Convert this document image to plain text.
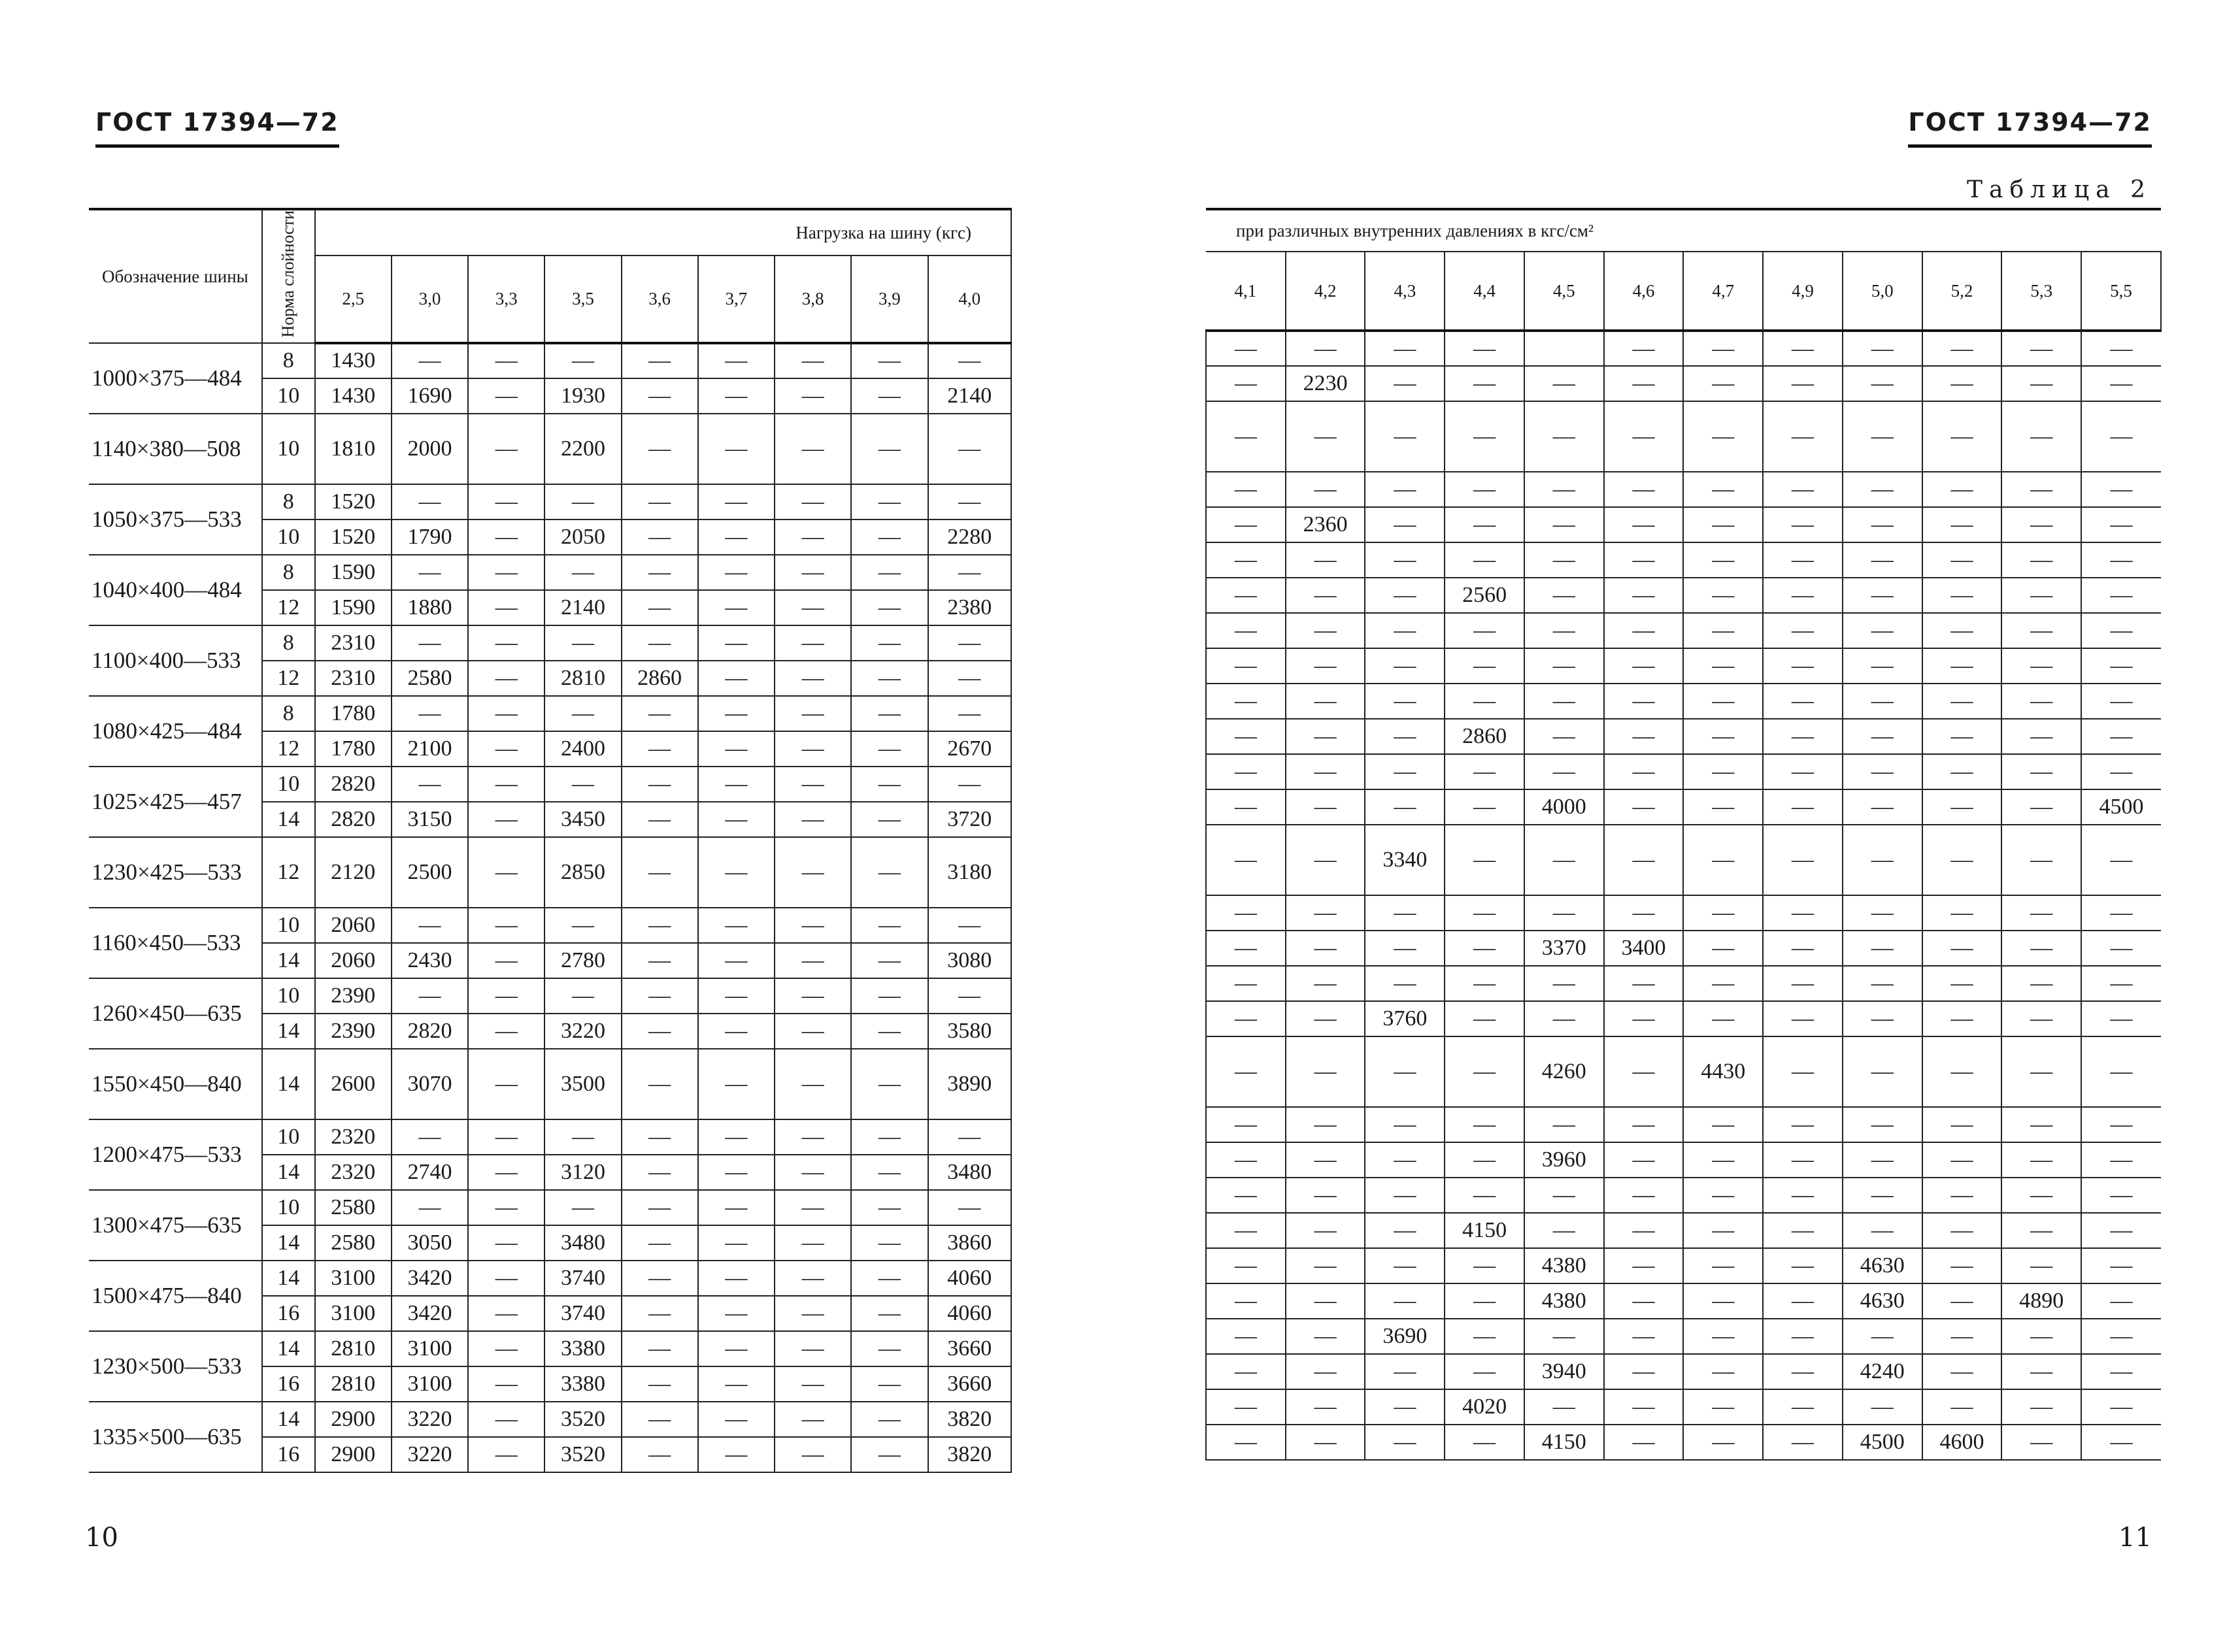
ГОСТ 17394—72
Обозначение шины	Норма слойности	Нагрузка на шину (кгс)								
		2,5	3,0	3,3	3,5	3,6	3,7	3,8	3,9	4,0
1000×375—484	8	1430	—	—	—	—	—	—	—	—
	10	1430	1690	—	1930	—	—	—	—	2140
1140×380—508	10	1810	2000	—	2200	—	—	—	—	—
1050×375—533	8	1520	—	—	—	—	—	—	—	—
	10	1520	1790	—	2050	—	—	—	—	2280
1040×400—484	8	1590	—	—	—	—	—	—	—	—
	12	1590	1880	—	2140	—	—	—	—	2380
1100×400—533	8	2310	—	—	—	—	—	—	—	—
	12	2310	2580	—	2810	2860	—	—	—	—
1080×425—484	8	1780	—	—	—	—	—	—	—	—
	12	1780	2100	—	2400	—	—	—	—	2670
1025×425—457	10	2820	—	—	—	—	—	—	—	—
	14	2820	3150	—	3450	—	—	—	—	3720
1230×425—533	12	2120	2500	—	2850	—	—	—	—	3180
1160×450—533	10	2060	—	—	—	—	—	—	—	—
	14	2060	2430	—	2780	—	—	—	—	3080
1260×450—635	10	2390	—	—	—	—	—	—	—	—
	14	2390	2820	—	3220	—	—	—	—	3580
1550×450—840	14	2600	3070	—	3500	—	—	—	—	3890
1200×475—533	10	2320	—	—	—	—	—	—	—	—
	14	2320	2740	—	3120	—	—	—	—	3480
1300×475—635	10	2580	—	—	—	—	—	—	—	—
	14	2580	3050	—	3480	—	—	—	—	3860
1500×475—840	14	3100	3420	—	3740	—	—	—	—	4060
	16	3100	3420	—	3740	—	—	—	—	4060
1230×500—533	14	2810	3100	—	3380	—	—	—	—	3660
	16	2810	3100	—	3380	—	—	—	—	3660
1335×500—635	14	2900	3220	—	3520	—	—	—	—	3820
	16	2900	3220	—	3520	—	—	—	—	3820
10
ГОСТ 17394—72
Таблица 2
при различных внутренних давлениях в кгс/см²											
4,1	4,2	4,3	4,4	4,5	4,6	4,7	4,9	5,0	5,2	5,3	5,5
—	—	—	—		—	—	—	—	—	—	—
—	2230	—	—	—	—	—	—	—	—	—	—
—	—	—	—	—	—	—	—	—	—	—	—
—	—	—	—	—	—	—	—	—	—	—	—
—	2360	—	—	—	—	—	—	—	—	—	—
—	—	—	—	—	—	—	—	—	—	—	—
—	—	—	2560	—	—	—	—	—	—	—	—
—	—	—	—	—	—	—	—	—	—	—	—
—	—	—	—	—	—	—	—	—	—	—	—
—	—	—	—	—	—	—	—	—	—	—	—
—	—	—	2860	—	—	—	—	—	—	—	—
—	—	—	—	—	—	—	—	—	—	—	—
—	—	—	—	4000	—	—	—	—	—	—	4500
—	—	3340	—	—	—	—	—	—	—	—	—
—	—	—	—	—	—	—	—	—	—	—	—
—	—	—	—	3370	3400	—	—	—	—	—	—
—	—	—	—	—	—	—	—	—	—	—	—
—	—	3760	—	—	—	—	—	—	—	—	—
—	—	—	—	4260	—	4430	—	—	—	—	—
—	—	—	—	—	—	—	—	—	—	—	—
—	—	—	—	3960	—	—	—	—	—	—	—
—	—	—	—	—	—	—	—	—	—	—	—
—	—	—	4150	—	—	—	—	—	—	—	—
—	—	—	—	4380	—	—	—	4630	—	—	—
—	—	—	—	4380	—	—	—	4630	—	4890	—
—	—	3690	—	—	—	—	—	—	—	—	—
—	—	—	—	3940	—	—	—	4240	—	—	—
—	—	—	4020	—	—	—	—	—	—	—	—
—	—	—	—	4150	—	—	—	4500	4600	—	—
11
